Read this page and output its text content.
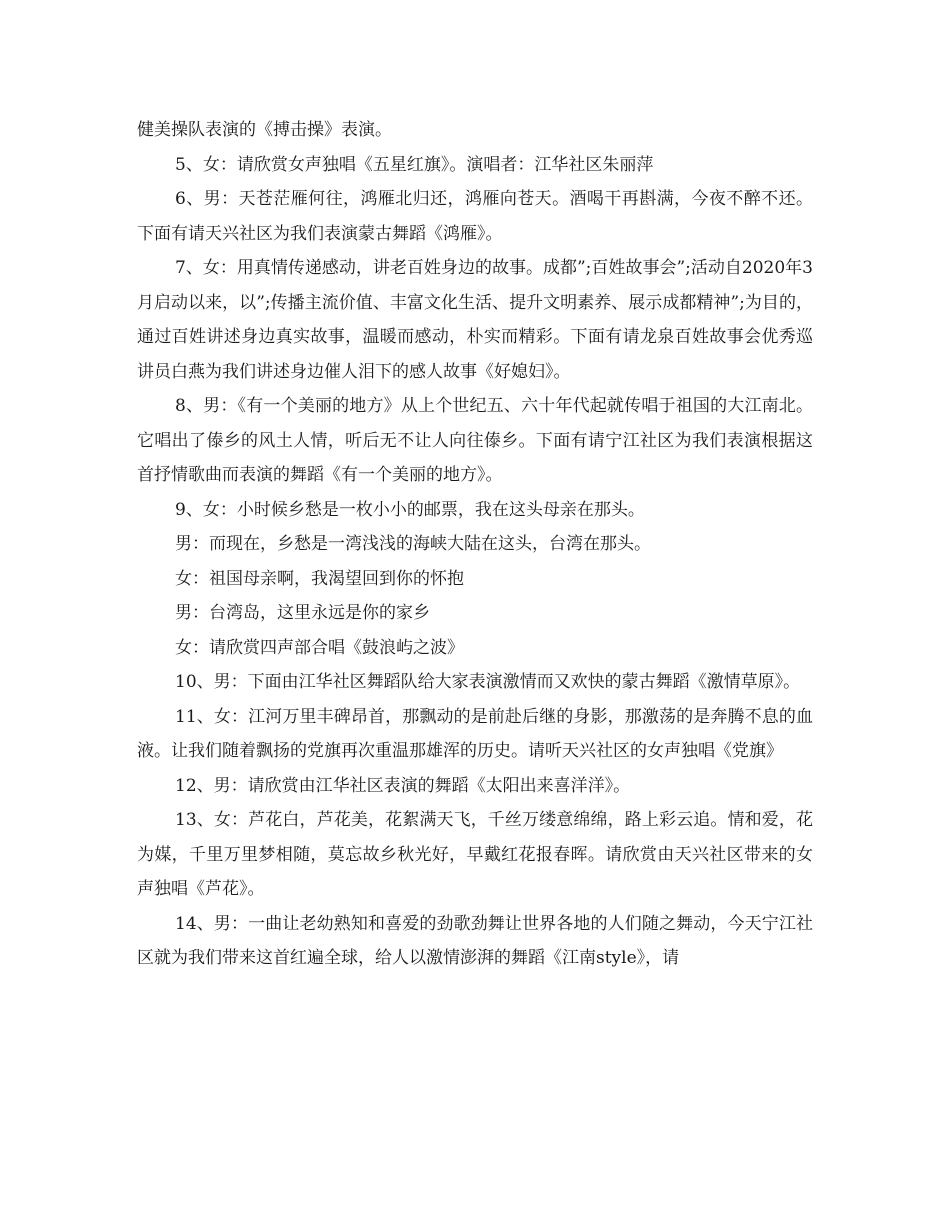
健美操队表演的《搏击操》表演。

5、女：请欣赏女声独唱《五星红旗》。演唱者：江华社区朱丽萍

6、男：天苍茫雁何往，鸿雁北归还，鸿雁向苍天。酒喝干再斟满，今夜不醉不还。下面有请天兴社区为我们表演蒙古舞蹈《鸿雁》。

7、女：用真情传递感动，讲老百姓身边的故事。成都”;百姓故事会”;活动自2020年3月启动以来，以”;传播主流价值、丰富文化生活、提升文明素养、展示成都精神”;为目的，通过百姓讲述身边真实故事，温暖而感动，朴实而精彩。下面有请龙泉百姓故事会优秀巡讲员白燕为我们讲述身边催人泪下的感人故事《好媳妇》。

8、男：《有一个美丽的地方》从上个世纪五、六十年代起就传唱于祖国的大江南北。它唱出了傣乡的风土人情，听后无不让人向往傣乡。下面有请宁江社区为我们表演根据这首抒情歌曲而表演的舞蹈《有一个美丽的地方》。

9、女：小时候乡愁是一枚小小的邮票，我在这头母亲在那头。

男：而现在，乡愁是一湾浅浅的海峡大陆在这头，台湾在那头。

女：祖国母亲啊，我渴望回到你的怀抱

男：台湾岛，这里永远是你的家乡

女：请欣赏四声部合唱《鼓浪屿之波》

10、男：下面由江华社区舞蹈队给大家表演激情而又欢快的蒙古舞蹈《激情草原》。

11、女：江河万里丰碑昂首，那飘动的是前赴后继的身影，那激荡的是奔腾不息的血液。让我们随着飘扬的党旗再次重温那雄浑的历史。请听天兴社区的女声独唱《党旗》

12、男：请欣赏由江华社区表演的舞蹈《太阳出来喜洋洋》。

13、女：芦花白，芦花美，花絮满天飞，千丝万缕意绵绵，路上彩云追。情和爱，花为媒，千里万里梦相随，莫忘故乡秋光好，早戴红花报春晖。请欣赏由天兴社区带来的女声独唱《芦花》。

14、男：一曲让老幼熟知和喜爱的劲歌劲舞让世界各地的人们随之舞动，今天宁江社区就为我们带来这首红遍全球，给人以激情澎湃的舞蹈《江南style》，请
